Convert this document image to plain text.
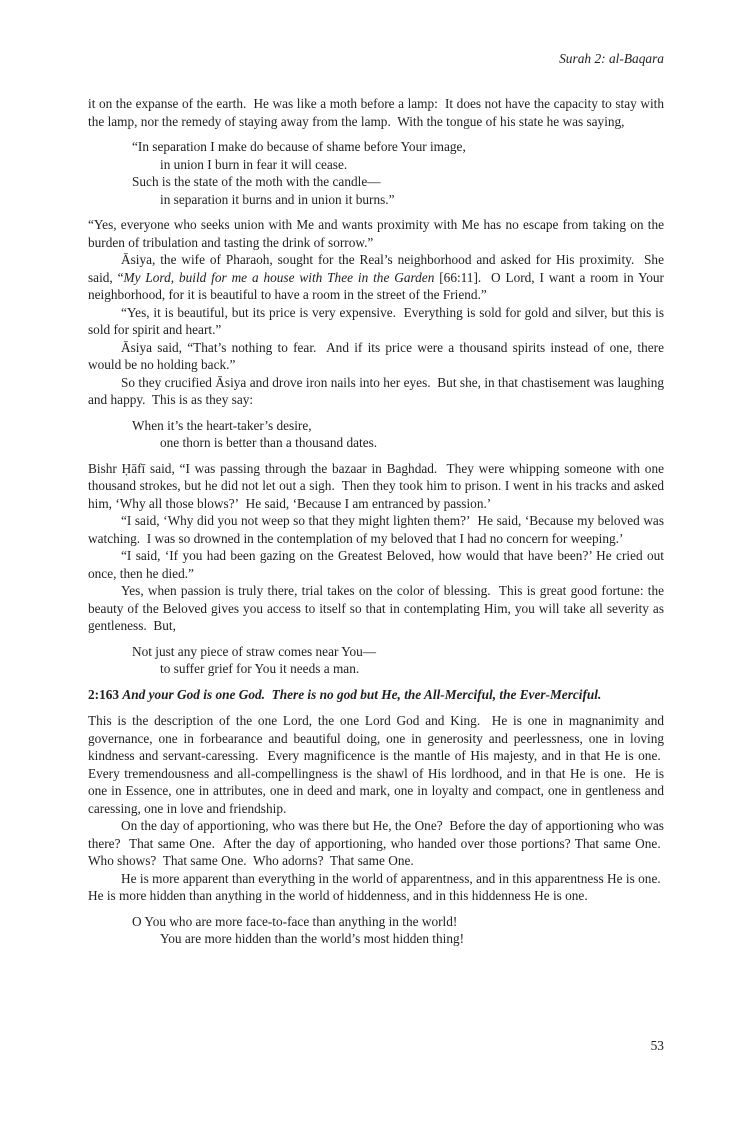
Surah 2: al-Baqara

it on the expanse of the earth.  He was like a moth before a lamp:  It does not have the capacity to stay with the lamp, nor the remedy of staying away from the lamp.  With the tongue of his state he was saying,

“In separation I make do because of shame before Your image,
in union I burn in fear it will cease.
Such is the state of the moth with the candle—
in separation it burns and in union it burns.”

“Yes, everyone who seeks union with Me and wants proximity with Me has no escape from taking on the burden of tribulation and tasting the drink of sorrow.”

Āsiya, the wife of Pharaoh, sought for the Real’s neighborhood and asked for His proximity.  She said, “My Lord, build for me a house with Thee in the Garden [66:11].  O Lord, I want a room in Your neighborhood, for it is beautiful to have a room in the street of the Friend.”

“Yes, it is beautiful, but its price is very expensive.  Everything is sold for gold and silver, but this is sold for spirit and heart.”

Āsiya said, “That’s nothing to fear.  And if its price were a thousand spirits instead of one, there would be no holding back.”

So they crucified Āsiya and drove iron nails into her eyes.  But she, in that chastisement was laughing and happy.  This is as they say:

When it’s the heart-taker’s desire,
one thorn is better than a thousand dates.

Bishr Ḥāfī said, “I was passing through the bazaar in Baghdad.  They were whipping someone with one thousand strokes, but he did not let out a sigh.  Then they took him to prison. I went in his tracks and asked him, ‘Why all those blows?’  He said, ‘Because I am entranced by passion.’

“I said, ‘Why did you not weep so that they might lighten them?’  He said, ‘Because my beloved was watching.  I was so drowned in the contemplation of my beloved that I had no concern for weeping.’

“I said, ‘If you had been gazing on the Greatest Beloved, how would that have been?’ He cried out once, then he died.”

Yes, when passion is truly there, trial takes on the color of blessing.  This is great good fortune: the beauty of the Beloved gives you access to itself so that in contemplating Him, you will take all severity as gentleness.  But,

Not just any piece of straw comes near You—
to suffer grief for You it needs a man.

2:163 And your God is one God.  There is no god but He, the All-Merciful, the Ever-Merciful.

This is the description of the one Lord, the one Lord God and King.  He is one in magnanimity and governance, one in forbearance and beautiful doing, one in generosity and peerlessness, one in loving kindness and servant-caressing.  Every magnificence is the mantle of His majesty, and in that He is one.  Every tremendousness and all-compellingness is the shawl of His lordhood, and in that He is one.  He is one in Essence, one in attributes, one in deed and mark, one in loyalty and compact, one in gentleness and caressing, one in love and friendship.

On the day of apportioning, who was there but He, the One?  Before the day of apportioning who was there?  That same One.  After the day of apportioning, who handed over those portions? That same One.  Who shows?  That same One.  Who adorns?  That same One.

He is more apparent than everything in the world of apparentness, and in this apparentness He is one.  He is more hidden than anything in the world of hiddenness, and in this hiddenness He is one.

O You who are more face-to-face than anything in the world!
You are more hidden than the world’s most hidden thing!
53
